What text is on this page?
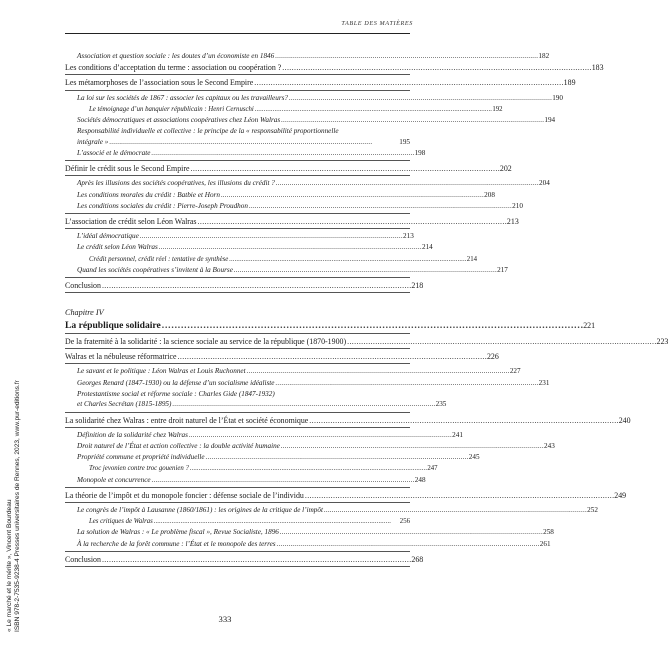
TABLE DES MATIÈRES
Association et question sociale : les doutes d’un économiste en 1846 . . .	182
Les conditions d’acceptation du terme : association ou coopération ? . . .	183
Les métamorphoses de l’association sous le Second Empire . . .	189
La loi sur les sociétés de 1867 : associer les capitaux ou les travailleurs? . . .	190
Le témoignage d’un banquier républicain : Henri Cernuschi . . .	192
Sociétés démocratiques et associations coopératives chez Léon Walras . . .	194
Responsabilité individuelle et collective : le principe de la « responsabilité proportionnelle
intégrale » . . .	195
L’associé et le démocrate . . .	198
Définir le crédit sous le Second Empire . . .	202
Après les illusions des sociétés coopératives, les illusions du crédit ? . . .	204
Les conditions morales du crédit : Batbie et Horn . . .	208
Les conditions sociales du crédit : Pierre-Joseph Proudhon . . .	210
L’association de crédit selon Léon Walras . . .	213
L’idéal démocratique . . .	213
Le crédit selon Léon Walras . . .	214
Crédit personnel, crédit réel : tentative de synthèse . . .	214
Quand les sociétés coopératives s’invitent à la Bourse . . .	217
Conclusion . . .	218
Chapitre IV
La république solidaire . . .	221
De la fraternité à la solidarité : la science sociale au service de la république (1870-1900) . . .	223
Walras et la nébuleuse réformatrice . . .	226
Le savant et le politique : Léon Walras et Louis Ruchonnet . . .	227
Georges Renard (1847-1930) ou la défense d’un socialisme idéaliste . . .	231
Protestantisme social et réforme sociale : Charles Gide (1847-1932)
et Charles Secrétan (1815-1895) . . .	235
La solidarité chez Walras : entre droit naturel de l’État et société économique . . .	240
Définition de la solidarité chez Walras . . .	241
Droit naturel de l’État et action collective : la double activité humaine . . .	243
Propriété commune et propriété individuelle . . .	245
Troc jevonien contre troc gouenien ? . . .	247
Monopole et concurrence . . .	248
La théorie de l’impôt et du monopole foncier : défense sociale de l’individu . . .	249
Le congrès de l’impôt à Lausanne (1860/1861) : les origines de la critique de l’impôt . . .	252
Les critiques de Walras . . .	256
La solution de Walras : « Le problème fiscal », Revue Socialiste, 1896 . . .	258
À la recherche de la forêt commune : l’État et le monopole des terres . . .	261
Conclusion . . .	268
« Le marché et le mérite », Vincent Bourdeau ISBN 978-2-7535-9238-4 Presses universitaires de Rennes, 2023, www.pur-editions.fr	333
